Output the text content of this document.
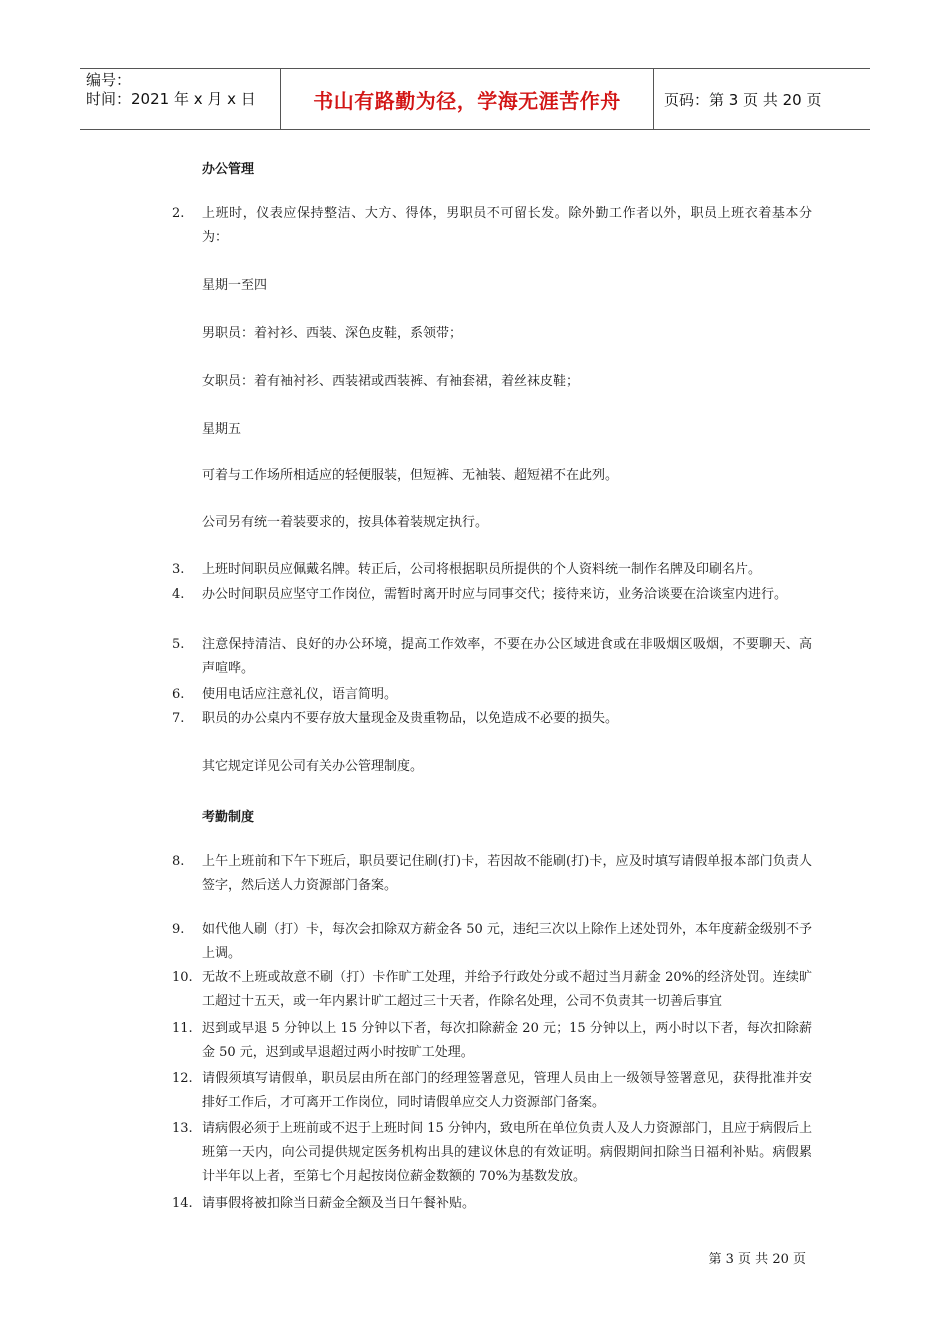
编号：
时间：2021 年 x 月 x 日	书山有路勤为径，学海无涯苦作舟	页码：第 3 页 共 20 页
办公管理
2.	上班时，仪表应保持整洁、大方、得体，男职员不可留长发。除外勤工作者以外，职员上班衣着基本分为：
星期一至四
男职员：着衬衫、西装、深色皮鞋，系领带；
女职员：着有袖衬衫、西装裙或西装裤、有袖套裙，着丝袜皮鞋；
星期五
可着与工作场所相适应的轻便服装，但短裤、无袖装、超短裙不在此列。
公司另有统一着装要求的，按具体着装规定执行。
3.	上班时间职员应佩戴名牌。转正后，公司将根据职员所提供的个人资料统一制作名牌及印刷名片。
4.	办公时间职员应坚守工作岗位，需暂时离开时应与同事交代；接待来访，业务洽谈要在洽谈室内进行。
5.	注意保持清洁、良好的办公环境，提高工作效率，不要在办公区域进食或在非吸烟区吸烟，不要聊天、高声喧哗。
6.	使用电话应注意礼仪，语言简明。
7.	职员的办公桌内不要存放大量现金及贵重物品，以免造成不必要的损失。
其它规定详见公司有关办公管理制度。
考勤制度
8.	上午上班前和下午下班后，职员要记住刷(打)卡，若因故不能刷(打)卡，应及时填写请假单报本部门负责人签字，然后送人力资源部门备案。
9.	如代他人刷（打）卡，每次会扣除双方薪金各 50 元，违纪三次以上除作上述处罚外，本年度薪金级别不予上调。
10. 无故不上班或故意不刷（打）卡作旷工处理，并给予行政处分或不超过当月薪金 20%的经济处罚。连续旷工超过十五天，或一年内累计旷工超过三十天者，作除名处理，公司不负责其一切善后事宜
11. 迟到或早退 5 分钟以上 15 分钟以下者，每次扣除薪金 20 元；15 分钟以上，两小时以下者，每次扣除薪金 50 元，迟到或早退超过两小时按旷工处理。
12. 请假须填写请假单，职员层由所在部门的经理签署意见，管理人员由上一级领导签署意见，获得批准并安排好工作后，才可离开工作岗位，同时请假单应交人力资源部门备案。
13. 请病假必须于上班前或不迟于上班时间 15 分钟内，致电所在单位负责人及人力资源部门，且应于病假后上班第一天内，向公司提供规定医务机构出具的建议休息的有效证明。病假期间扣除当日福利补贴。病假累计半年以上者，至第七个月起按岗位薪金数额的 70%为基数发放。
14. 请事假将被扣除当日薪金全额及当日午餐补贴。
第 3 页 共 20 页
